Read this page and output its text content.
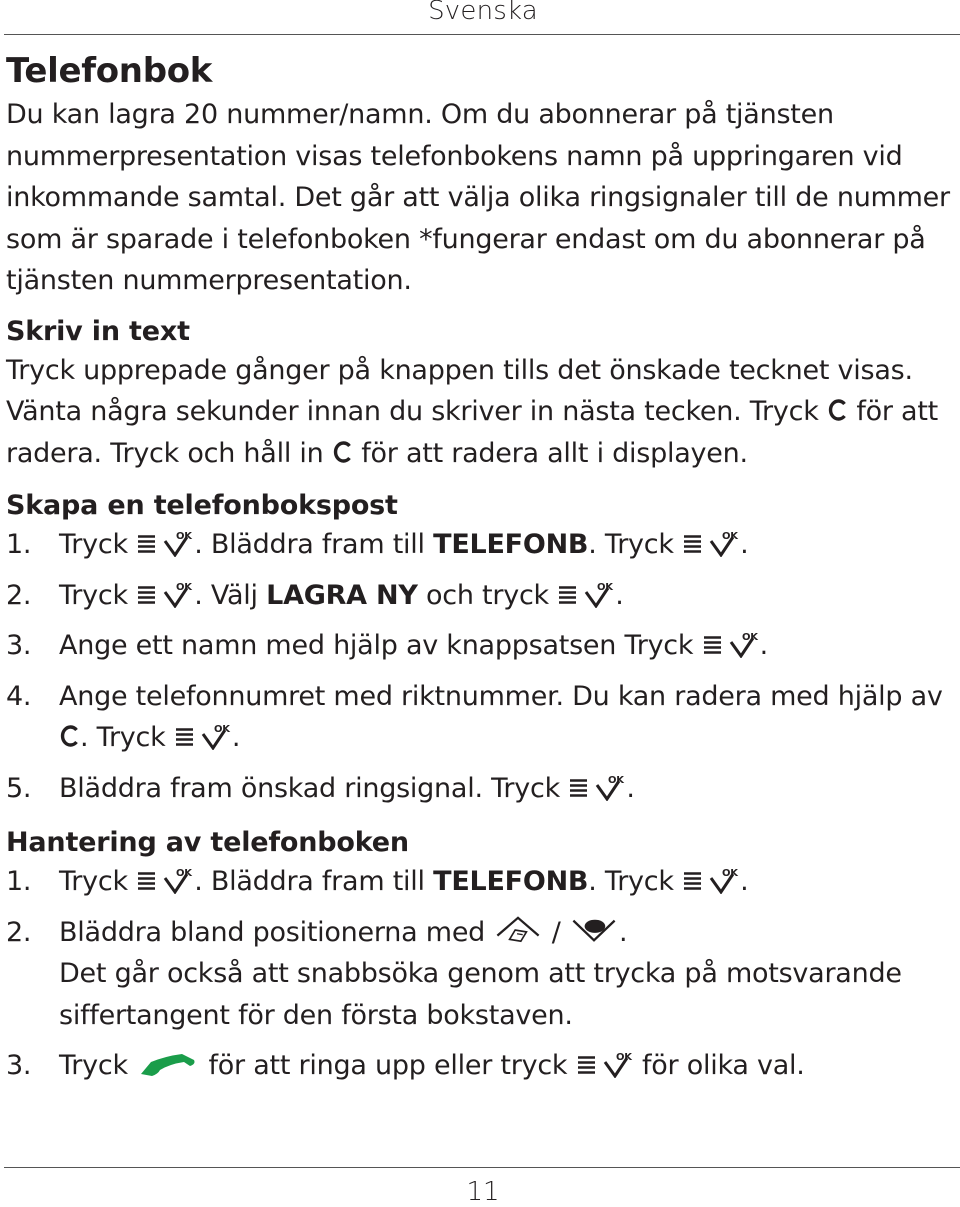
Svenska
Telefonbok

Du kan lagra 20 nummer/namn. Om du abonnerar på tjänsten nummerpresentation visas telefonbokens namn på uppringaren vid inkommande samtal. Det går att välja olika ringsignaler till de nummer som är sparade i telefonboken *fungerar endast om du abonnerar på tjänsten nummerpresentation.

Skriv in text

Tryck upprepade gånger på knappen tills det önskade tecknet visas. Vänta några sekunder innan du skriver in nästa tecken. Tryck för att radera. Tryck och håll in för att radera allt i displayen.

Skapa en telefonbokspost
1.	Tryck . Bläddra fram till TELEFONB. Tryck .
2.	Tryck . Välj LAGRA NY och tryck .
3.	Ange ett namn med hjälp av knappsatsen Tryck .
4.	Ange telefonnumret med riktnummer. Du kan radera med hjälp av . Tryck .
5.	Bläddra fram önskad ringsignal. Tryck .
Hantering av telefonboken
1.	Tryck . Bläddra fram till TELEFONB. Tryck .
2.	Bläddra bland positionerna med / .
Det går också att snabbsöka genom att trycka på motsvarande siffertangent för den första bokstaven.
3.	Tryck	för att ringa upp eller tryck	för olika val.
11
